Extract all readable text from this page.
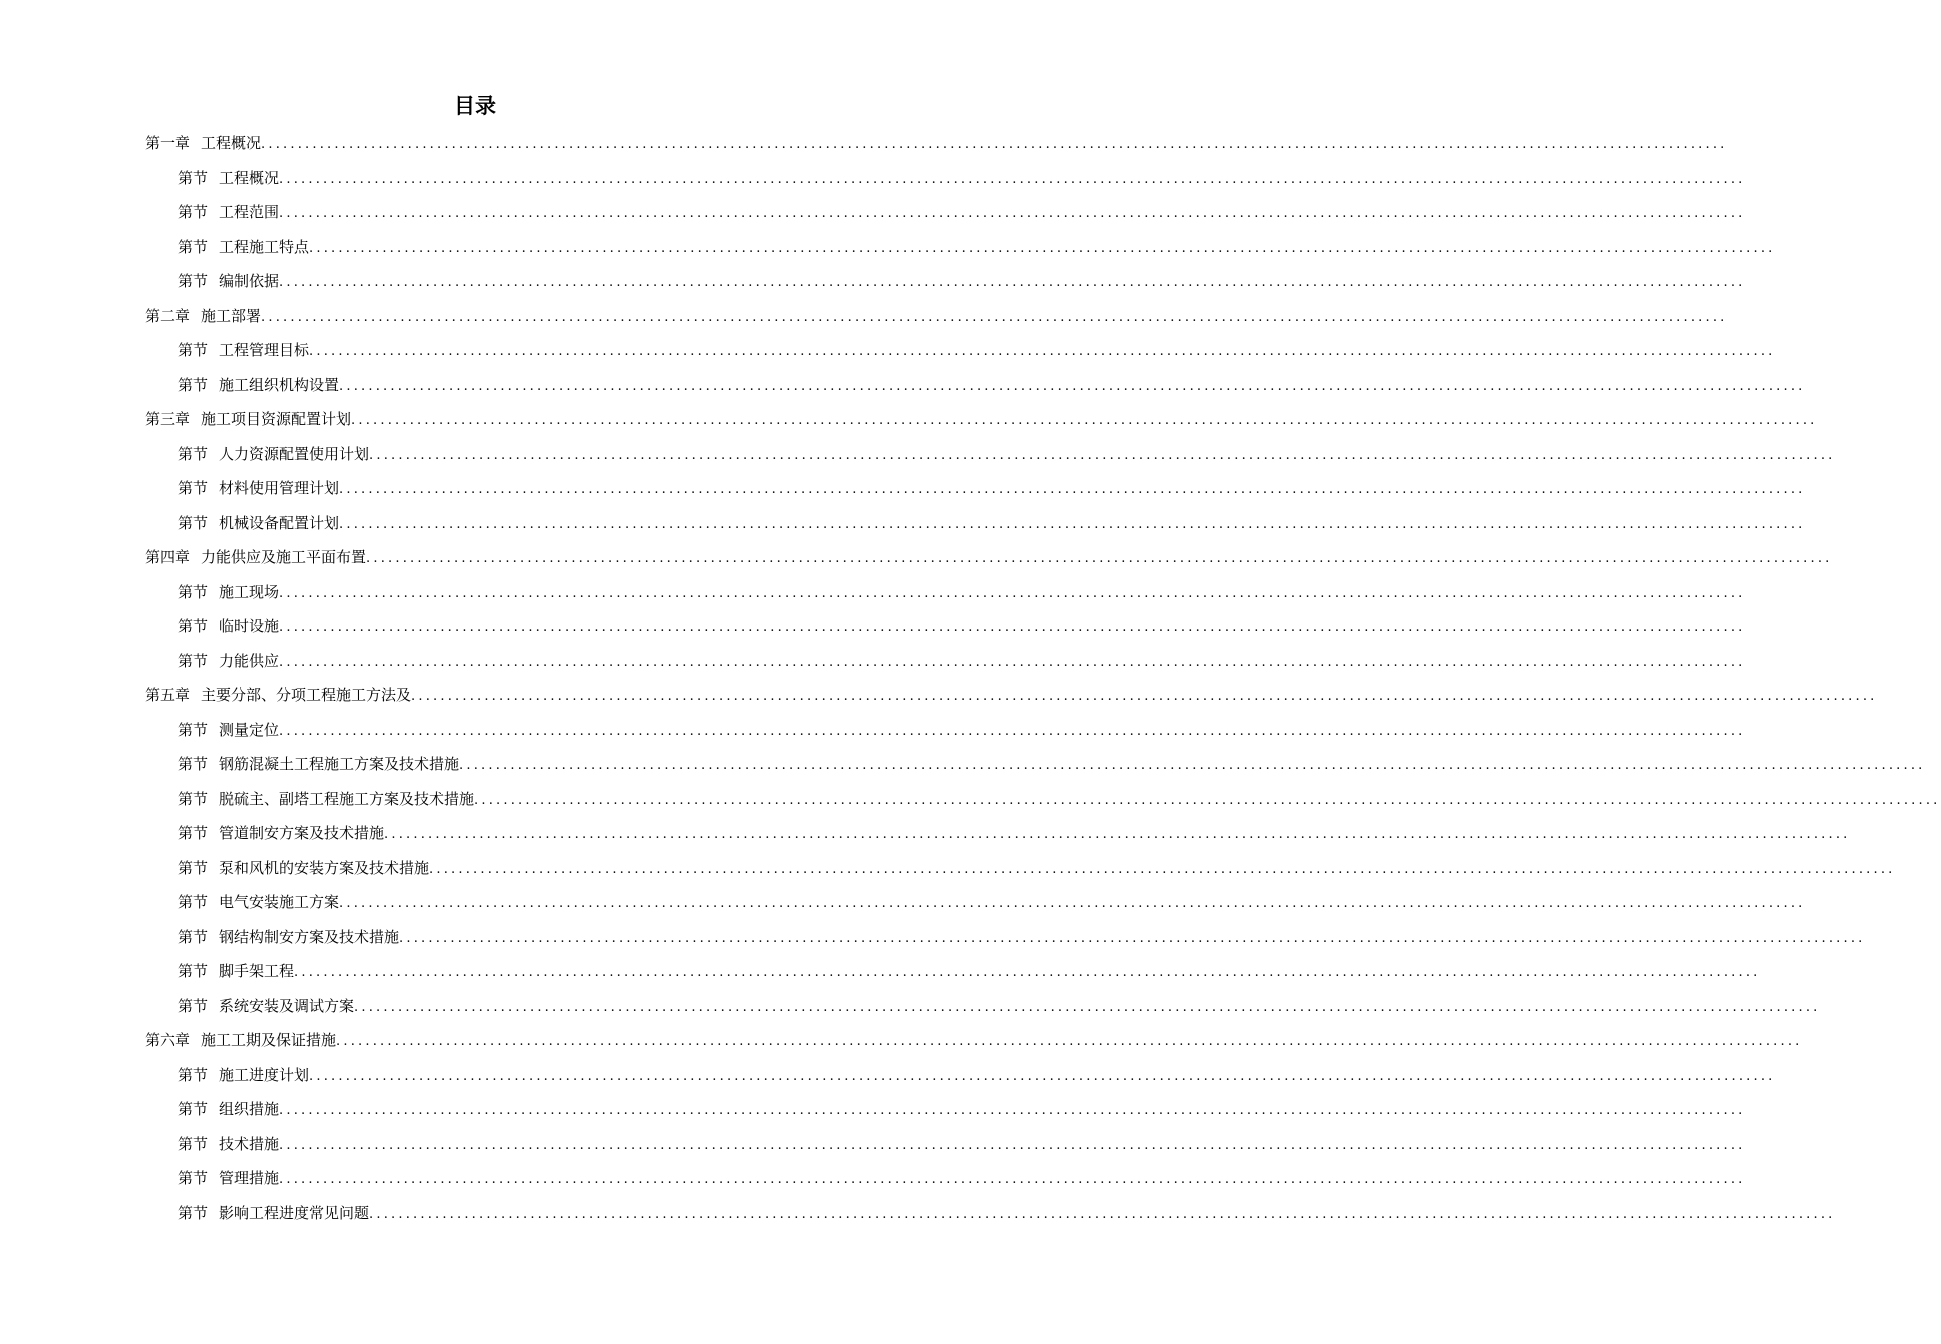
目录
第一章 工程概况 ........................................................................................................................................................................................................
第节 工程概况 ........................................................................................................................................................................................................
第节 工程范围 ........................................................................................................................................................................................................
第节 工程施工特点 ........................................................................................................................................................................................................
第节 编制依据 ........................................................................................................................................................................................................
第二章 施工部署 ........................................................................................................................................................................................................
第节 工程管理目标 ........................................................................................................................................................................................................
第节 施工组织机构设置 ........................................................................................................................................................................................................
第三章 施工项目资源配置计划 ........................................................................................................................................................................................................
第节 人力资源配置使用计划 ........................................................................................................................................................................................................
第节 材料使用管理计划 ........................................................................................................................................................................................................
第节 机械设备配置计划 ........................................................................................................................................................................................................
第四章 力能供应及施工平面布置 ........................................................................................................................................................................................................
第节 施工现场 ........................................................................................................................................................................................................
第节 临时设施 ........................................................................................................................................................................................................
第节 力能供应 ........................................................................................................................................................................................................
第五章 主要分部、分项工程施工方法及 ........................................................................................................................................................................................................
第节 测量定位 ........................................................................................................................................................................................................
第节 钢筋混凝土工程施工方案及技术措施 ........................................................................................................................................................................................................
第节 脱硫主、副塔工程施工方案及技术措施 ........................................................................................................................................................................................................
第节 管道制安方案及技术措施 ........................................................................................................................................................................................................
第节 泵和风机的安装方案及技术措施 ........................................................................................................................................................................................................
第节 电气安装施工方案 ........................................................................................................................................................................................................
第节 钢结构制安方案及技术措施 ........................................................................................................................................................................................................
第节 脚手架工程 ........................................................................................................................................................................................................
第节 系统安装及调试方案 ........................................................................................................................................................................................................
第六章 施工工期及保证措施 ........................................................................................................................................................................................................
第节 施工进度计划 ........................................................................................................................................................................................................
第节 组织措施 ........................................................................................................................................................................................................
第节 技术措施 ........................................................................................................................................................................................................
第节 管理措施 ........................................................................................................................................................................................................
第节 影响工程进度常见问题 ........................................................................................................................................................................................................
